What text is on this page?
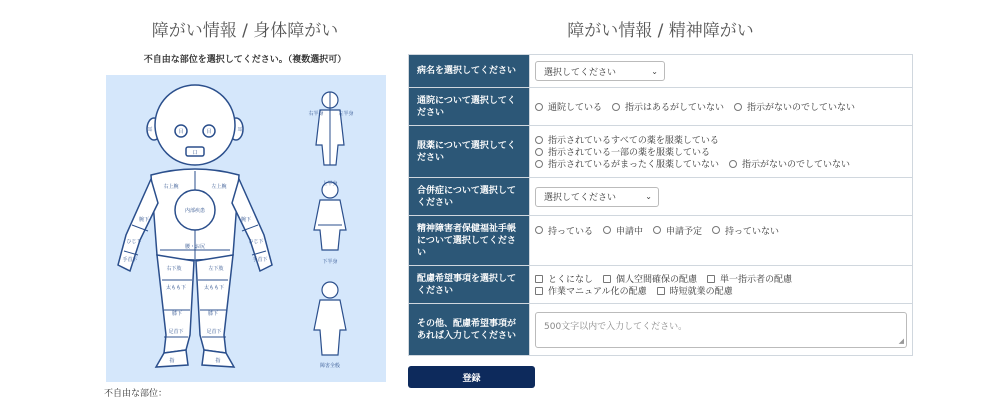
障がい情報 / 身体障がい
不自由な部位を選択してください。（複数選択可）
耳	耳
目	目
口
右上腕	左上腕
内部疾患
腕下	腕下
ひじ下	ひじ下
手首下	手首下
腰・お尻
右下肢	左下肢
太もも下	太もも下
膝下	膝下
足首下	足首下
指	指
右半身	左半身
上半身
下半身
障害全般
不自由な部位：
障がい情報 / 精神障がい
病名を選択してください	選択してください ⌄

通院について選択してください	通院している 指示はあるがしていない 指示がないのでしていない

服薬について選択してください	指示されているすべての薬を服薬している
指示されている一部の薬を服薬している
指示されているがまったく服薬していない 指示がないのでしていない

合併症について選択してください	選択してください ⌄

精神障害者保健福祉手帳について選択してください	持っている 申請中 申請予定 持っていない

配慮希望事項を選択してください	とくになし 個人空間確保の配慮 単一指示者の配慮
作業マニュアル化の配慮 時短就業の配慮

その他、配慮希望事項があれば入力してください	500文字以内で入力してください。
◢
登録
